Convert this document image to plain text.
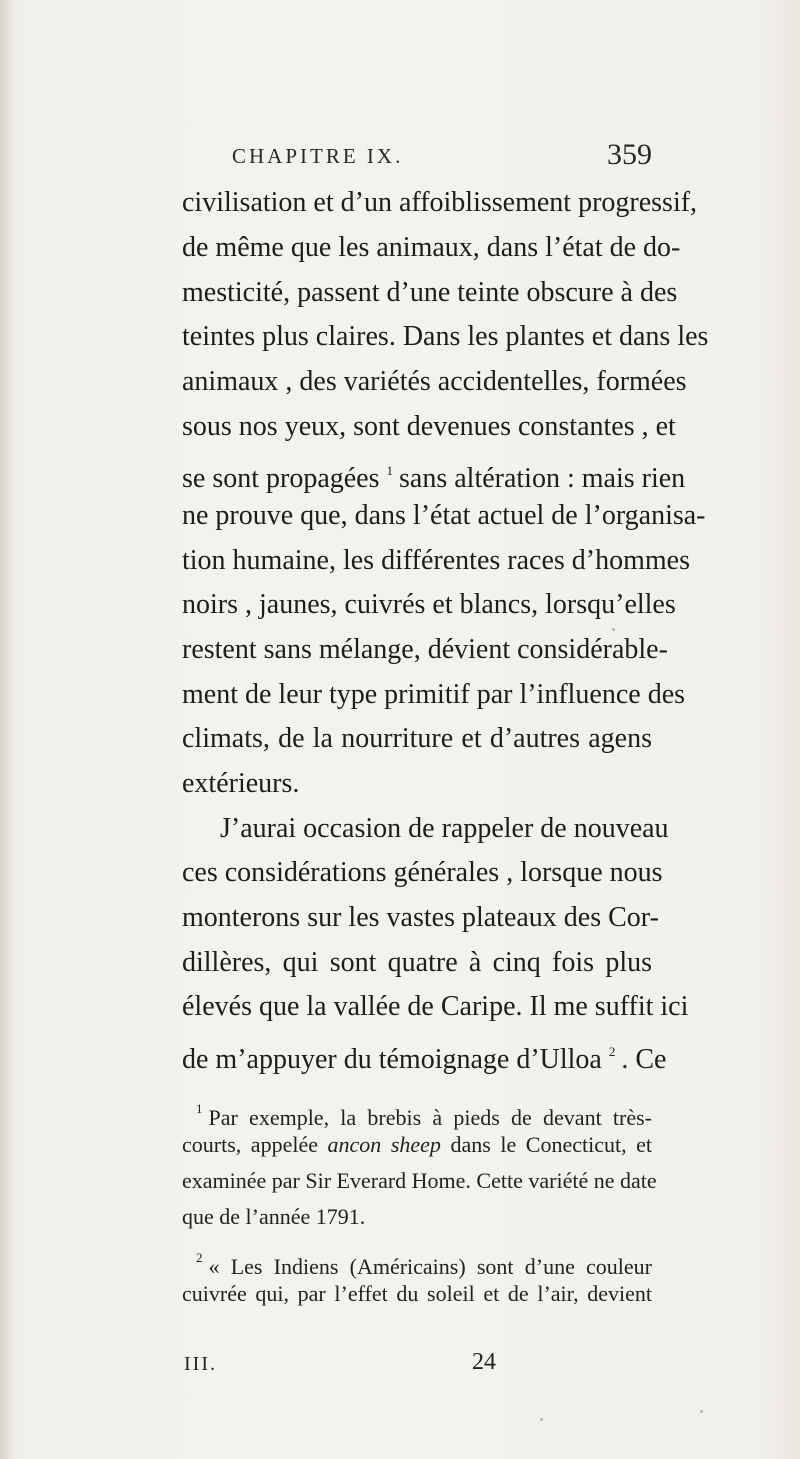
CHAPITRE IX.	359
civilisation et d’un affoiblissement progressif,
de même que les animaux, dans l’état de do-
mesticité, passent d’une teinte obscure à des
teintes plus claires. Dans les plantes et dans les
animaux , des variétés accidentelles, formées
sous nos yeux, sont devenues constantes , et
se sont propagées $^1$ sans altération : mais rien
ne prouve que, dans l’état actuel de l’organisa-
tion humaine, les différentes races d’hommes
noirs , jaunes, cuivrés et blancs, lorsqu’elles
restent sans mélange, dévient considérable-
ment de leur type primitif par l’influence des
climats, de la nourriture et d’autres agens
extérieurs.
J’aurai occasion de rappeler de nouveau
ces considérations générales , lorsque nous
monterons sur les vastes plateaux des Cor-
dillères, qui sont quatre à cinq fois plus
élevés que la vallée de Caripe. Il me suffit ici
de m’appuyer du témoignage d’Ulloa $^2$ . Ce
$^1$ Par exemple, la brebis à pieds de devant très-
courts, appelée ancon sheep dans le Conecticut, et
examinée par Sir Everard Home. Cette variété ne date
que de l’année 1791.
$^2$ « Les Indiens (Américains) sont d’une couleur
cuivrée qui, par l’effet du soleil et de l’air, devient
III.	24
